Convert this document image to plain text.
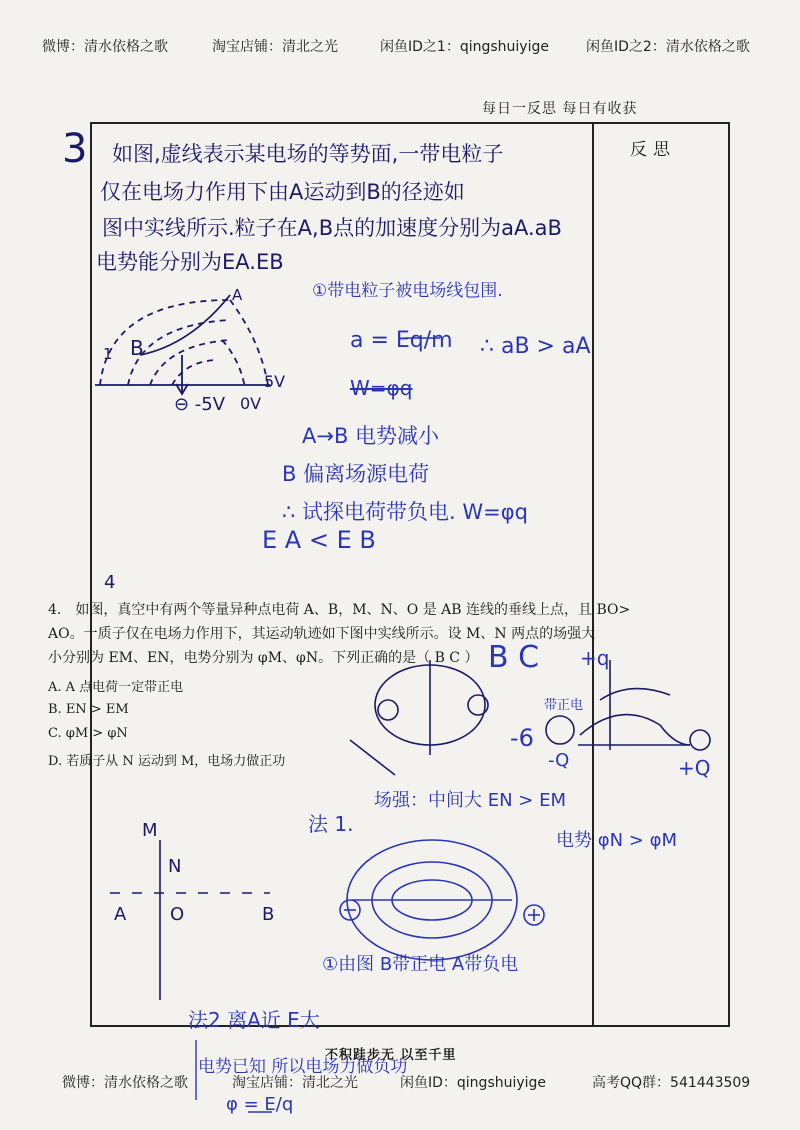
微博：清水依格之歌	淘宝店铺：清北之光	闲鱼ID之1：qingshuiyige	闲鱼ID之2：清水依格之歌
每日一反思 每日有收获
反思
3 如图,虚线表示某电场的等势面,一带电粒子
仅在电场力作用下由A运动到B的径迹如
图中实线所示.粒子在A,B点的加速度分别为aA.aB
电势能分别为EA.EB
A
B
1
⊖ -5V 0V
5V
①带电粒子被电场线包围.
a = Eq/m ∴ aB > aA
W=φq
A→B 电势减小
B 偏离场源电荷
∴ 试探电荷带负电. W=φq
E A < E B
4
4.　如图，真空中有两个等量异种点电荷 A、B，M、N、O 是 AB 连线的垂线上点，且 BO>
AO。一质子仅在电场力作用下，其运动轨迹如下图中实线所示。设 M、N 两点的场强大
小分别为 EM、EN，电势分别为 φM、φN。下列正确的是（ B C ）
A. A 点电荷一定带正电
B. EN > EM
C. φM > φN
D. 若质子从 N 运动到 M，电场力做正功
B C +q
-6
带正电
场强：中间大 EN > EM
电势 φN > φM
法 1.
①由图 B带正电 A带负电
-Q	+Q
法2 离A近 E大
电势已知 所以电场力做负功
φ = E/q
M
N
O
A	B
不积跬步无 以至千里
微博：清水依格之歌	淘宝店铺：清北之光	闲鱼ID：qingshuiyige	高考QQ群：541443509
